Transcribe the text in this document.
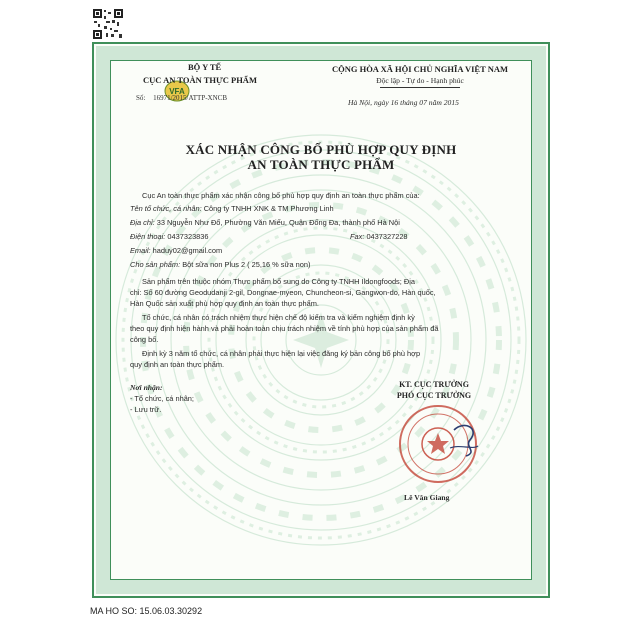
VFA
BỘ Y TẾ
CỤC AN TOÀN THỰC PHẨM
Số: 16971/2015/ATTP-XNCB
CỘNG HÒA XÃ HỘI CHỦ NGHĨA VIỆT NAM
Độc lập - Tự do - Hạnh phúc
Hà Nội, ngày 16 tháng 07 năm 2015
XÁC NHẬN CÔNG BỐ PHÙ HỢP QUY ĐỊNH
AN TOÀN THỰC PHẨM
Cục An toàn thực phẩm xác nhận công bố phù hợp quy định an toàn thực phẩm của:
Tên tổ chức, cá nhân: Công ty TNHH XNK & TM Phương Linh
Địa chỉ: 33 Nguyễn Như Đổ, Phường Văn Miếu, Quận Đống Đa, thành phố Hà Nội
Điện thoại: 0437323836	Fax: 0437327228
Email: haduy02@gmail.com
Cho sản phẩm: Bột sữa non Plus 2 ( 25,16 % sữa non)
Sản phẩm trên thuộc nhóm Thực phẩm bổ sung do Công ty TNHH Ildongfoods; Địa
chỉ: Số 60 đường Geodudanji 2-gil, Dongnae-myeon, Chuncheon-si, Gangwon-do, Hàn quốc,
Hàn Quốc sản xuất phù hợp quy định an toàn thực phẩm.
Tổ chức, cá nhân có trách nhiệm thực hiện chế độ kiểm tra và kiểm nghiệm định kỳ
theo quy định hiện hành và phải hoàn toàn chịu trách nhiệm về tính phù hợp của sản phẩm đã
công bố.
Định kỳ 3 năm tổ chức, cá nhân phải thực hiện lại việc đăng ký bản công bố phù hợp
quy định an toàn thực phẩm.
Nơi nhận:
- Tổ chức, cá nhân;
- Lưu trữ.
KT. CỤC TRƯỞNG
PHÓ CỤC TRƯỞNG
Lê Văn Giang
MA HO SO: 15.06.03.30292
